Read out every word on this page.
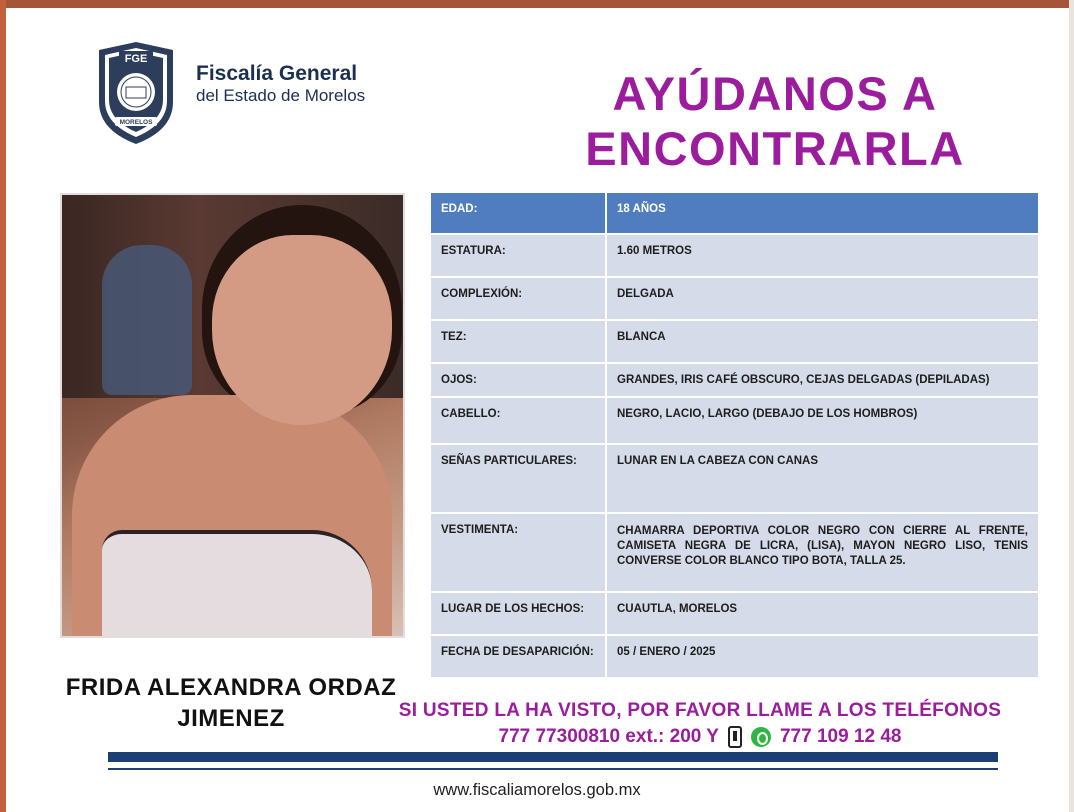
FGE
MORELOS
Fiscalía General
del Estado de Morelos	AYÚDANOS A
ENCONTRARLA
EDAD:	18 AÑOS
ESTATURA:	1.60 METROS
COMPLEXIÓN:	DELGADA
TEZ:	BLANCA
OJOS:	GRANDES, IRIS CAFÉ OBSCURO, CEJAS DELGADAS (DEPILADAS)
CABELLO:	NEGRO, LACIO, LARGO (DEBAJO DE LOS HOMBROS)
SEÑAS PARTICULARES:	LUNAR EN LA CABEZA CON CANAS
VESTIMENTA:	CHAMARRA DEPORTIVA COLOR NEGRO CON CIERRE AL FRENTE, CAMISETA NEGRA DE LICRA, (LISA), MAYON NEGRO LISO, TENIS CONVERSE COLOR BLANCO TIPO BOTA, TALLA 25.
LUGAR DE LOS HECHOS:	CUAUTLA, MORELOS
FECHA DE DESAPARICIÓN:	05 / ENERO / 2025
FRIDA ALEXANDRA ORDAZ
JIMENEZ	SI USTED LA HA VISTO, POR FAVOR LLAME A LOS TELÉFONOS
777 77300810 ext.: 200 Y	777 109 12 48
www.fiscaliamorelos.gob.mx
